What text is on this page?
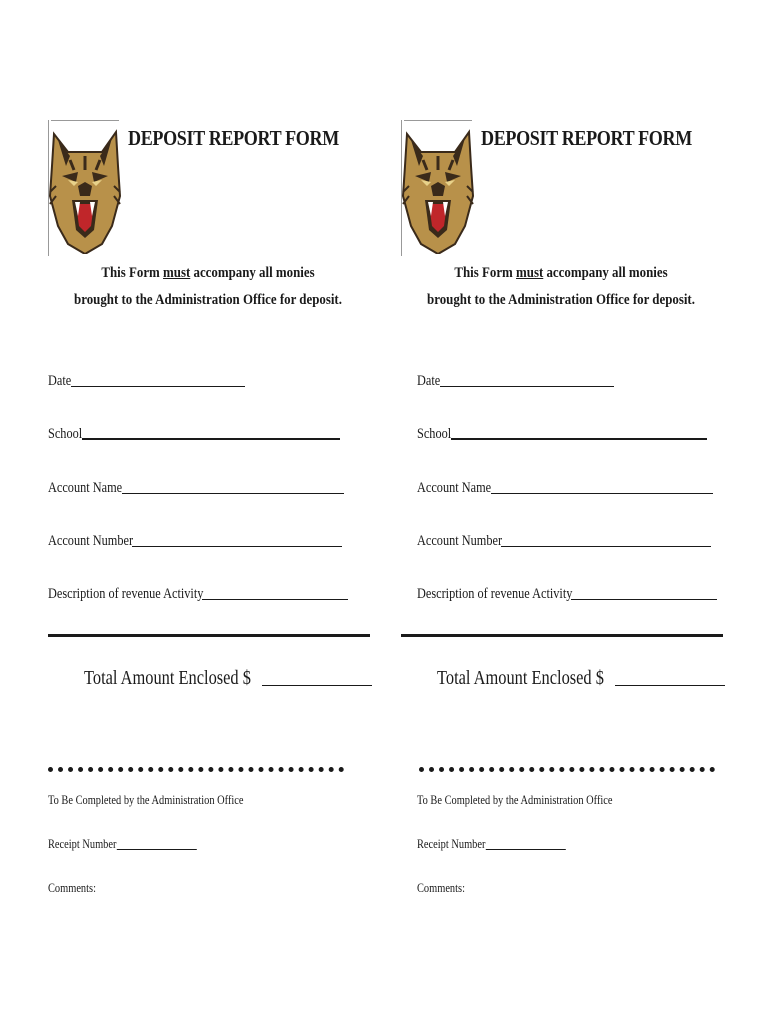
DEPOSIT REPORT FORM
This Form must accompany all monies
brought to the Administration Office for deposit.
Date
School
Account Name
Account Number
Description of revenue Activity
Total Amount Enclosed $
To Be Completed by the Administration Office
Receipt Number
Comments:
DEPOSIT REPORT FORM
This Form must accompany all monies
brought to the Administration Office for deposit.
Date
School
Account Name
Account Number
Description of revenue Activity
Total Amount Enclosed $
To Be Completed by the Administration Office
Receipt Number
Comments:
